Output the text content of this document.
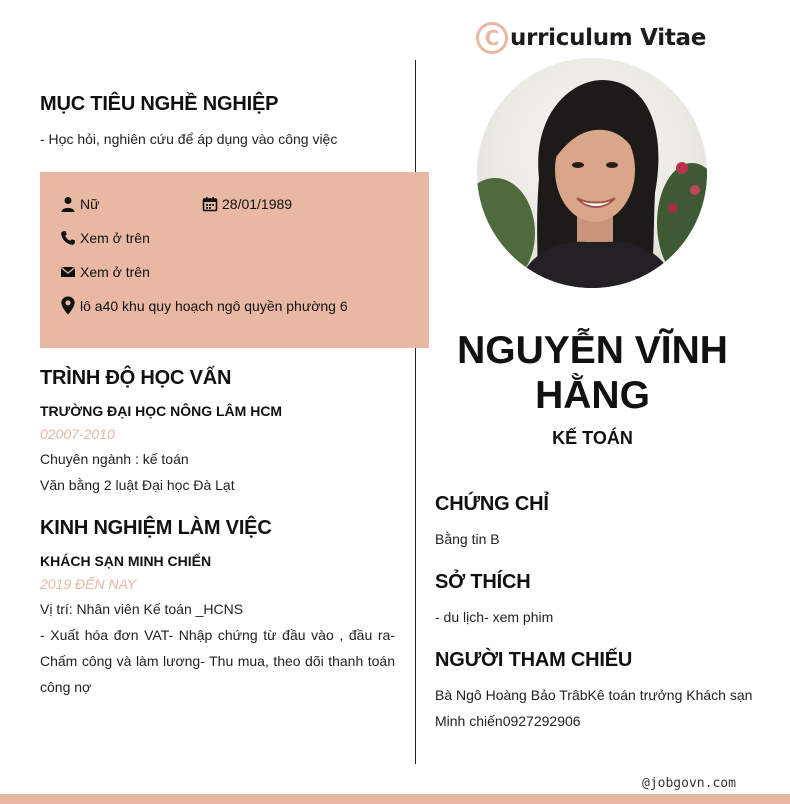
C urriculum Vitae
MỤC TIÊU NGHỀ NGHIỆP
- Học hỏi, nghiên cứu để áp dụng vào công việc
Nữ	28/01/1989
Xem ở trên
Xem ở trên
lô a40 khu quy hoạch ngô quyền phường 6
TRÌNH ĐỘ HỌC VẤN
TRƯỜNG ĐẠI HỌC NÔNG LÂM HCM
02007-2010
Chuyên ngành : kế toán
Văn bằng 2 luật Đại học Đà Lạt
KINH NGHIỆM LÀM VIỆC
KHÁCH SẠN MINH CHIẾN
2019 ĐẾN NAY
Vị trí: Nhân viên Kế toán _HCNS
- Xuất hóa đơn VAT- Nhập chứng từ đầu vào , đầu ra- Chấm công và làm lương- Thu mua, theo dõi thanh toán công nợ
NGUYỄN VĨNH HẰNG
KẾ TOÁN
CHỨNG CHỈ
Bằng tin B
SỞ THÍCH
- du lịch- xem phim
NGƯỜI THAM CHIẾU
Bà Ngô Hoàng Bảo TrâbKê toán trưởng Khách sạn Minh chiến0927292906
@jobgovn.com
